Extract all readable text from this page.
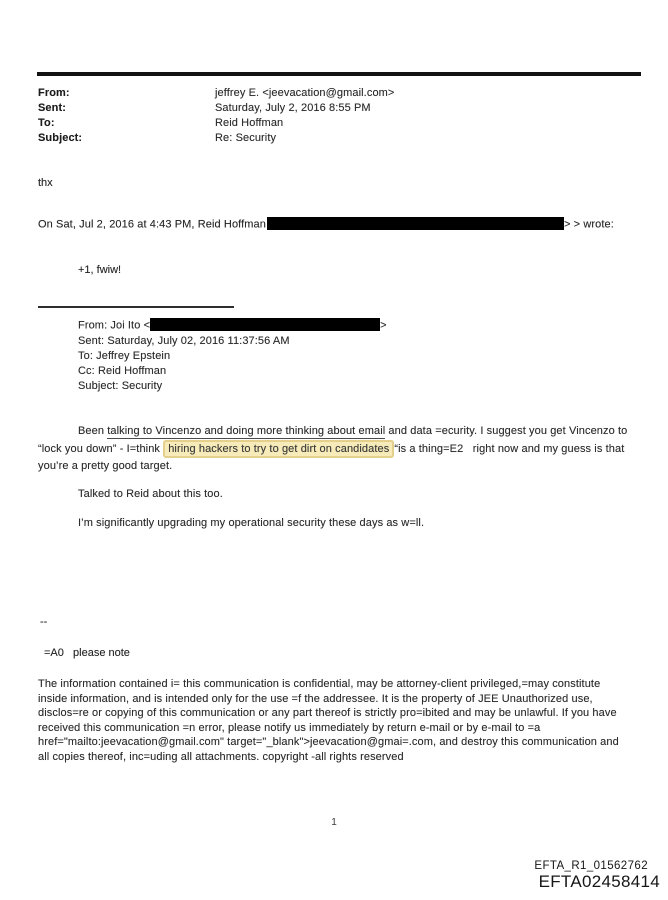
From:	jeffrey E. <jeevacation@gmail.com>
Sent:	Saturday, July 2, 2016 8:55 PM
To:	Reid Hoffman
Subject:	Re: Security
thx
On Sat, Jul 2, 2016 at 4:43 PM, Reid Hoffman	> > wrote:
+1, fwiw!
From: Joi Ito <	>
Sent: Saturday, July 02, 2016 11:37:56 AM
To: Jeffrey Epstein
Cc: Reid Hoffman
Subject: Security
Been talking to Vincenzo and doing more thinking about email and data =ecurity. I suggest you get Vincenzo to
“lock you down” - I=think hiring hackers to try to get dirt on candidates “is a thing=E2   right now and my guess is that
you’re a pretty good target.
Talked to Reid about this too.
I’m significantly upgrading my operational security these days as w=ll.
--
=A0   please note
The information contained i= this communication is confidential, may be attorney-client privileged,=may constitute
inside information, and is intended only for the use =f the addressee. It is the property of JEE Unauthorized use,
disclos=re or copying of this communication or any part thereof is strictly pro=ibited and may be unlawful. If you have
received this communication =n error, please notify us immediately by return e-mail or by e-mail to =a
href="mailto:jeevacation@gmail.com" target="_blank">jeevacation@gmai=.com, and destroy this communication and
all copies thereof, inc=uding all attachments. copyright -all rights reserved
1
EFTA_R1_01562762
EFTA02458414
